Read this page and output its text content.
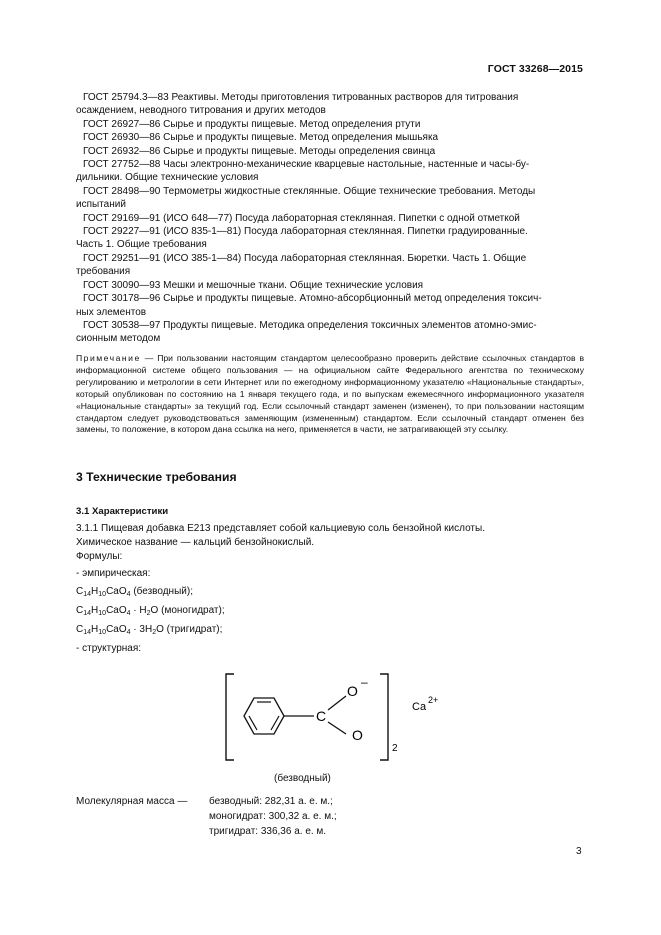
ГОСТ 33268—2015

ГОСТ 25794.3—83 Реактивы. Методы приготовления титрованных растворов для титрования

осаждением, неводного титрования и других методов

ГОСТ 26927—86 Сырье и продукты пищевые. Метод определения ртути

ГОСТ 26930—86 Сырье и продукты пищевые. Метод определения мышьяка

ГОСТ 26932—86 Сырье и продукты пищевые. Методы определения свинца

ГОСТ 27752—88 Часы электронно-механические кварцевые настольные, настенные и часы-бу-

дильники. Общие технические условия

ГОСТ 28498—90 Термометры жидкостные стеклянные. Общие технические требования. Методы

испытаний

ГОСТ 29169—91 (ИСО 648—77) Посуда лабораторная стеклянная. Пипетки с одной отметкой

ГОСТ 29227—91 (ИСО 835-1—81) Посуда лабораторная стеклянная. Пипетки градуированные.

Часть 1. Общие требования

ГОСТ 29251—91 (ИСО 385-1—84) Посуда лабораторная стеклянная. Бюретки. Часть 1. Общие

требования

ГОСТ 30090—93 Мешки и мешочные ткани. Общие технические условия

ГОСТ 30178—96 Сырье и продукты пищевые. Атомно-абсорбционный метод определения токсич-

ных элементов

ГОСТ 30538—97 Продукты пищевые. Методика определения токсичных элементов атомно-эмис-

сионным методом

Примечание — При пользовании настоящим стандартом целесообразно проверить действие ссылочных стандартов в информационной системе общего пользования — на официальном сайте Федерального агентства по техническому регулированию и метрологии в сети Интернет или по ежегодному информационному указателю «Национальные стандарты», который опубликован по состоянию на 1 января текущего года, и по выпускам ежемесячного информационного указателя «Национальные стандарты» за текущий год. Если ссылочный стандарт заменен (изменен), то при пользовании настоящим стандартом следует руководствоваться заменяющим (измененным) стандартом. Если ссылочный стандарт отменен без замены, то положение, в котором дана ссылка на него, применяется в части, не затрагивающей эту ссылку.
3 Технические требования
3.1 Характеристики
3.1.1 Пищевая добавка Е213 представляет собой кальциевую соль бензойной кислоты.
Химическое название — кальций бензойнокислый.
Формулы:
- эмпирическая:
$C_{14}H_{10}CaO_4$ (безводный);
$C_{14}H_{10}CaO_4 \cdot H_2O$ (моногидрат);
$C_{14}H_{10}CaO_4 \cdot 3H_2O$ (тригидрат);
- структурная:
C
O
–
O
2
Ca
2+
(безводный)
Молекулярная масса — безводный: 282,31 а. е. м.;
моногидрат: 300,32 а. е. м.;
тригидрат: 336,36 а. е. м.
3
